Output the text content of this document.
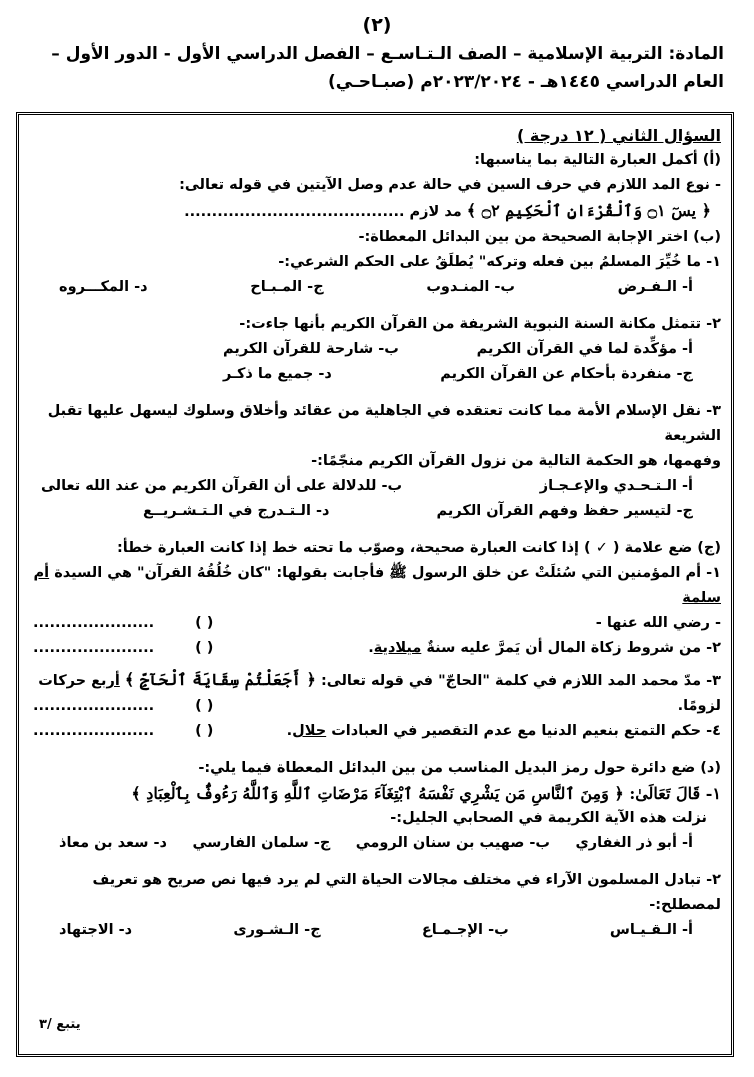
(٢)
المادة: التربية الإسلامية – الصف الـتـاسـع – الفصل الدراسي الأول - الدور الأول –
العام الدراسي ١٤٤٥هـ - ٢٠٢٣/٢٠٢٤م (صبـاحـي)
السؤال الثاني ( ١٢ درجة )
(أ) أكمل العبارة التالية بما يناسبها:
- نوع المد اللازم في حرف السين في حالة عدم وصل الآيتين في قوله تعالى:
﴿ يسٓ ۝١ وَٱلْقُرْءَانِ ٱلْحَكِيمِ ۝٢ ﴾ مد لازم ........................................
(ب) اختر الإجابة الصحيحة من بين البدائل المعطاة:-
١- ما خُيِّرَ المسلمُ بين فعله وتركه" يُطلَقُ على الحكم الشرعي:-
أ- الـفـرض
ب- المنـدوب
ج- المـبـاح
د- المكـــروه
٢- تتمثل مكانة السنة النبوية الشريفة من القرآن الكريم بأنها جاءت:-
أ- مؤكِّدة لما في القرآن الكريم
ب- شارحة للقرآن الكريم
ج- منفردة بأحكام عن القرآن الكريم
د- جميع ما ذكـر
٣- نقل الإسلام الأمة مما كانت تعتقده في الجاهلية من عقائد وأخلاق وسلوك ليسهل عليها تقبل الشريعة
وفهمها، هو الحكمة التالية من نزول القرآن الكريم منجّمًا:-
أ- الـتـحـدي والإعـجـاز
ب- للدلالة على أن القرآن الكريم من عند الله تعالى
ج- لتيسير حفظ وفهم القرآن الكريم
د- الـتـدرج في الـتـشـريــع
(ج) ضع علامة ( ✓ ) إذا كانت العبارة صحيحة، وصوّب ما تحته خط إذا كانت العبارة خطأ:
١- أم المؤمنين التي سُئلَتْ عن خلق الرسول ﷺ فأجابت بقولها: "كان خُلُقُهُ القرآن" هي السيدة أم سلمة
- رضي الله عنها -
( ) ......................
٢- من شروط زكاة المال أن يَمرَّ عليه سنةٌ ميلادية.
( ) ......................
٣- مدّ محمد المد اللازم في كلمة "الحاجّ" في قوله تعالى: ﴿ أَجَعَلْتُمْ سِقَايَةَ ٱلْحَآجِّ ﴾ أربع حركات
لزومًا.
( ) ......................
٤- حكم التمتع بنعيم الدنيا مع عدم التقصير في العبادات حلال.
( ) ......................
(د) ضع دائرة حول رمز البديل المناسب من بين البدائل المعطاة فيما يلي:-
١- قَالَ تَعَالَىٰ: ﴿ وَمِنَ ٱلنَّاسِ مَن يَشْرِي نَفْسَهُ ٱبْتِغَآءَ مَرْضَاتِ ٱللَّهِ وَٱللَّهُ رَءُوفٌۢ بِٱلْعِبَادِ ﴾
نزلت هذه الآية الكريمة في الصحابي الجليل:-
أ- أبو ذر الغفاري
ب- صهيب بن سنان الرومي
ج- سلمان الفارسي
د- سعد بن معاذ
٢- تبادل المسلمون الآراء في مختلف مجالات الحياة التي لم يرد فيها نص صريح هو تعريف لمصطلح:-
أ- الـقـيـاس
ب- الإجـمـاع
ج- الـشـورى
د- الاجتهاد
يتبع /٣
